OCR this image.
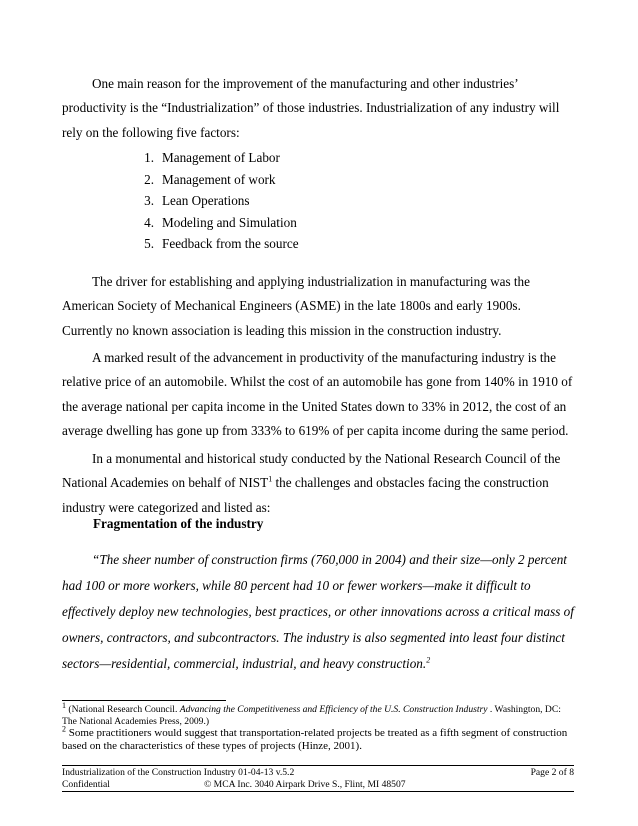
One main reason for the improvement of the manufacturing and other industries’ productivity is the “Industrialization” of those industries. Industrialization of any industry will rely on the following five factors:

1. Management of Labor
2. Management of work
3. Lean Operations
4. Modeling and Simulation
5. Feedback from the source

The driver for establishing and applying industrialization in manufacturing was the American Society of Mechanical Engineers (ASME) in the late 1800s and early 1900s. Currently no known association is leading this mission in the construction industry.

A marked result of the advancement in productivity of the manufacturing industry is the relative price of an automobile. Whilst the cost of an automobile has gone from 140% in 1910 of the average national per capita income in the United States down to 33% in 2012, the cost of an average dwelling has gone up from 333% to 619% of per capita income during the same period.

In a monumental and historical study conducted by the National Research Council of the National Academies on behalf of NIST$^1$ the challenges and obstacles facing the construction industry were categorized and listed as:

Fragmentation of the industry

“The sheer number of construction firms (760,000 in 2004) and their size—only 2 percent had 100 or more workers, while 80 percent had 10 or fewer workers—make it difficult to effectively deploy new technologies, best practices, or other innovations across a critical mass of owners, contractors, and subcontractors. The industry is also segmented into least four distinct sectors—residential, commercial, industrial, and heavy construction.$^2$

$^1$ (National Research Council. Advancing the Competitiveness and Efficiency of the U.S. Construction Industry . Washington, DC: The National Academies Press, 2009.)
$^2$ Some practitioners would suggest that transportation-related projects be treated as a fifth segment of construction based on the characteristics of these types of projects (Hinze, 2001).
Industrialization of the Construction Industry 01-04-13 v.5.2	Page 2 of 8
Confidential	© MCA Inc. 3040 Airpark Drive S., Flint, MI 48507
